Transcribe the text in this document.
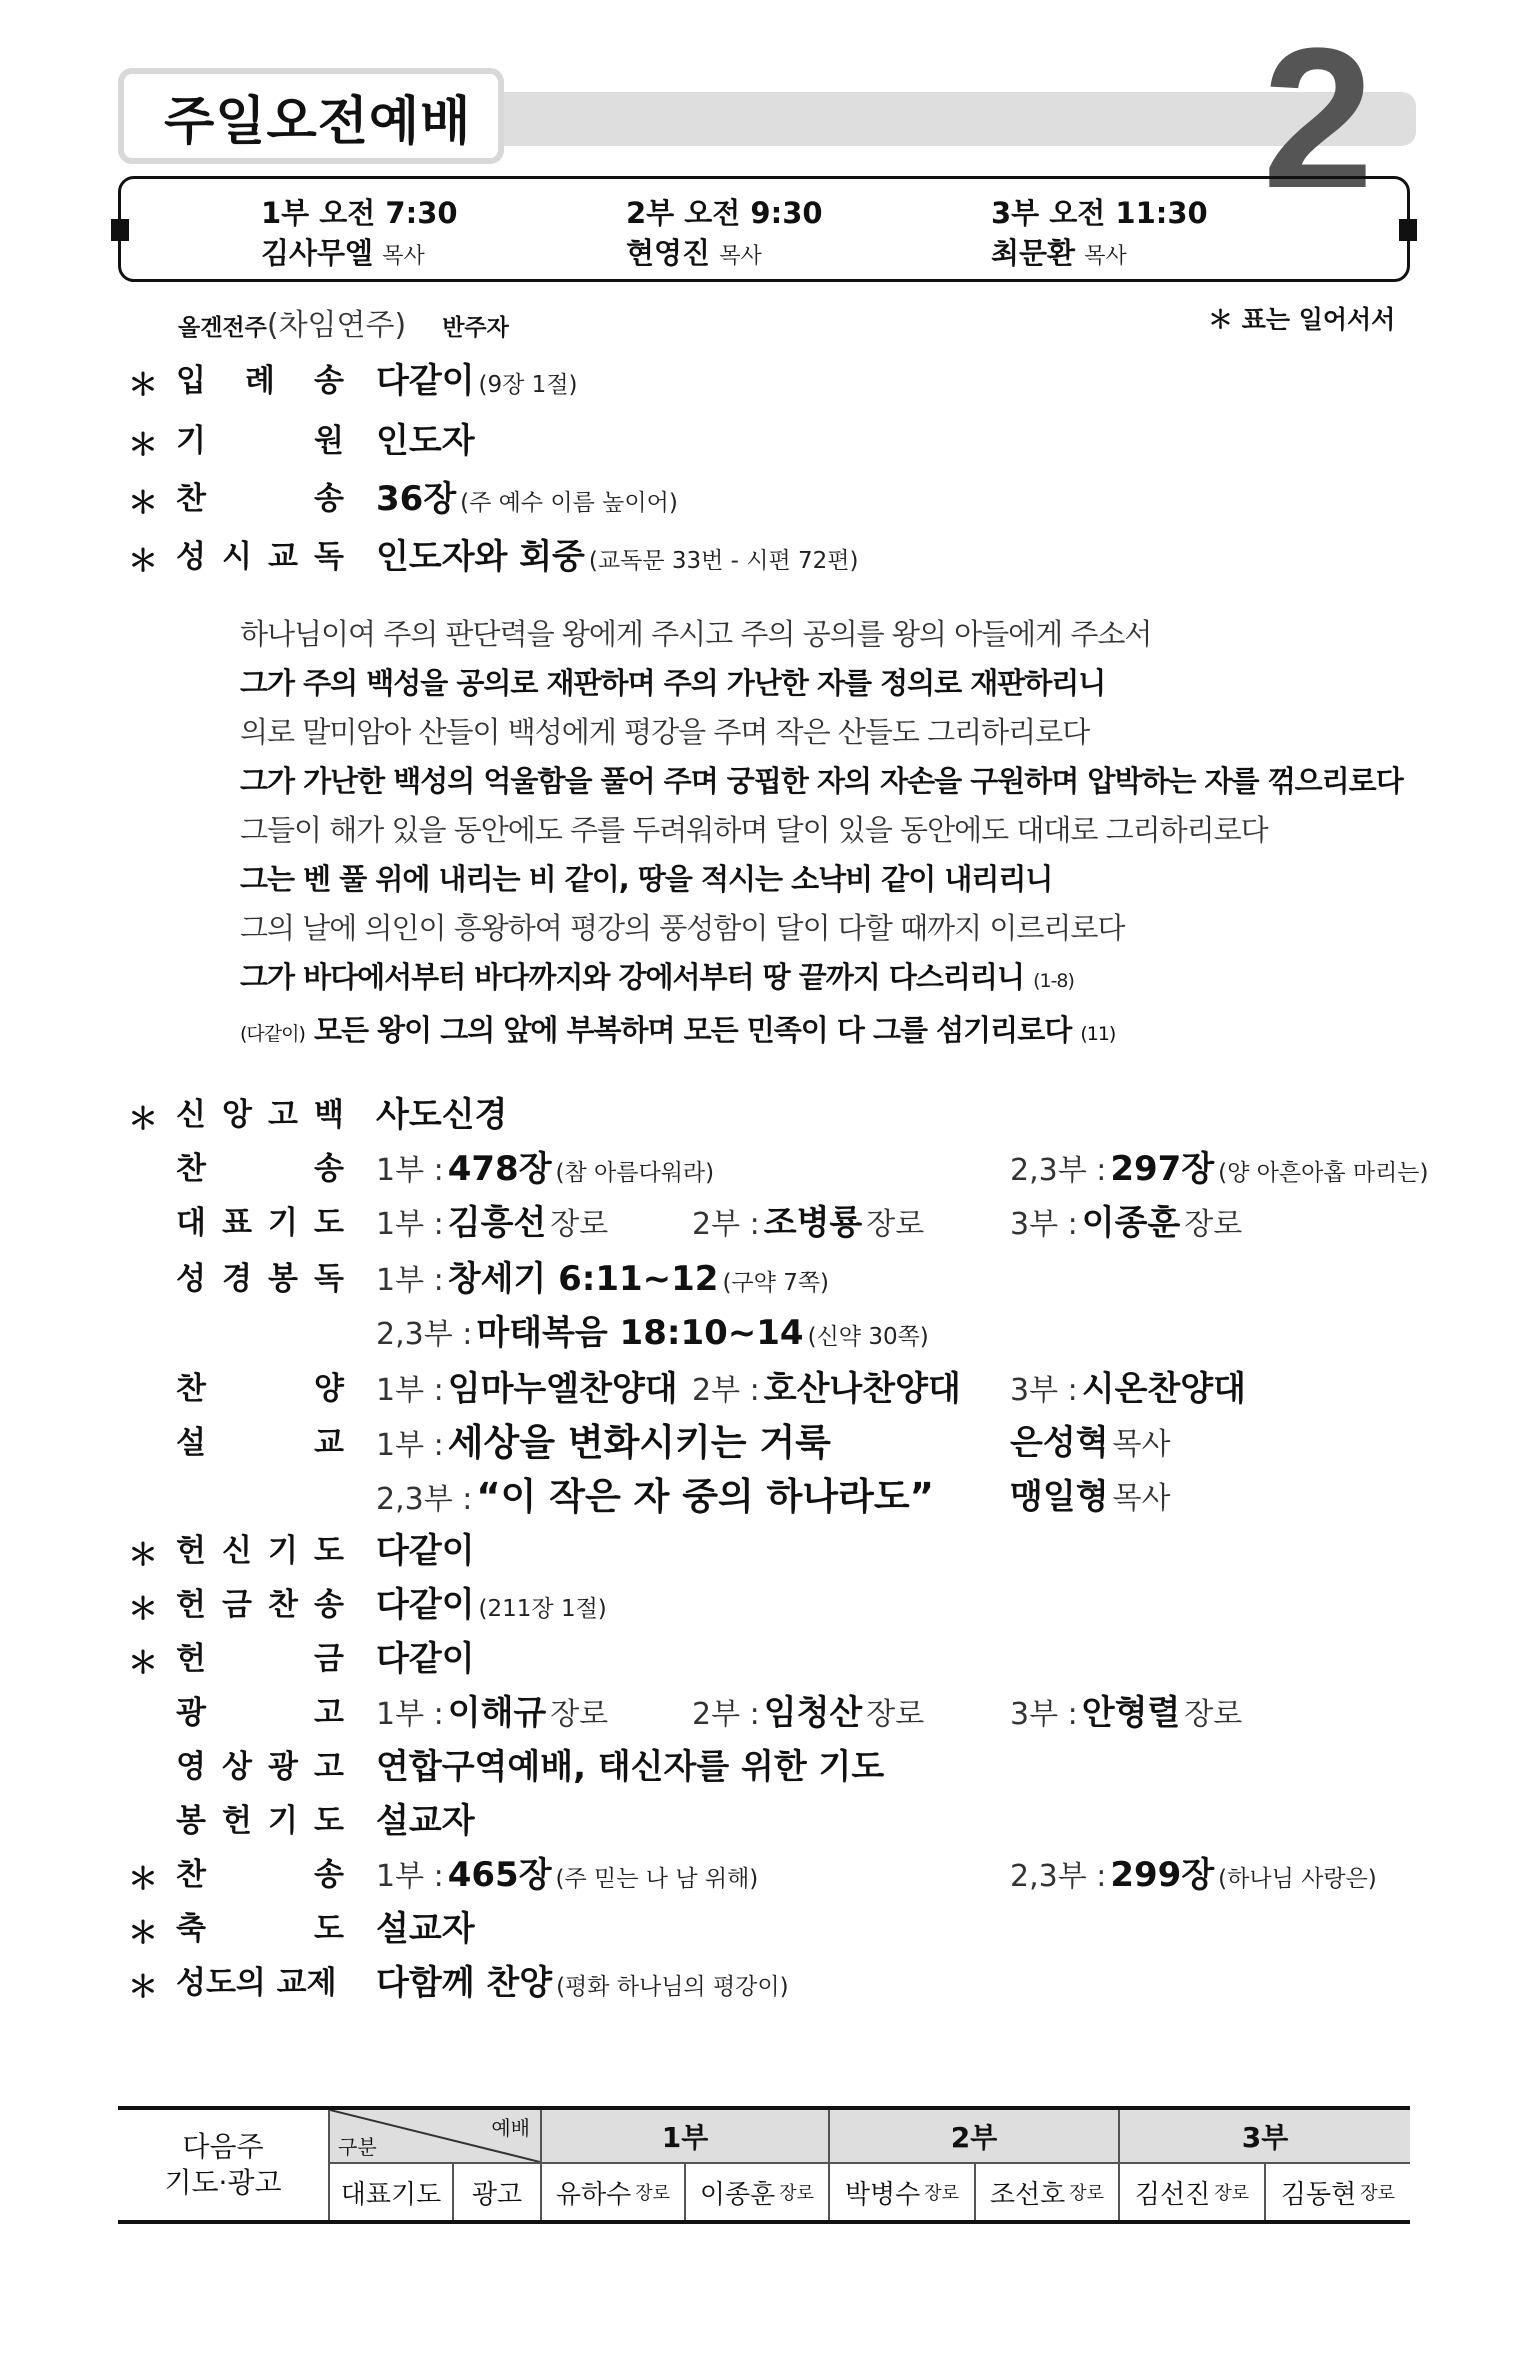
주일오전예배	2
1부 오전 7:30
김사무엘 목사
2부 오전 9:30
현영진 목사
3부 오전 11:30
최문환 목사
올겐전주(차임연주) 반주자	＊ 표는 일어서서
＊ 입 례 송 다같이 (9장 1절)
＊ 기	원 인도자
＊ 찬	송 36장 (주 예수 이름 높이어)
＊ 성 시 교 독 인도자와 회중 (교독문 33번 - 시편 72편)
하나님이여 주의 판단력을 왕에게 주시고 주의 공의를 왕의 아들에게 주소서
그가 주의 백성을 공의로 재판하며 주의 가난한 자를 정의로 재판하리니
의로 말미암아 산들이 백성에게 평강을 주며 작은 산들도 그리하리로다
그가 가난한 백성의 억울함을 풀어 주며 궁핍한 자의 자손을 구원하며 압박하는 자를 꺾으리로다
그들이 해가 있을 동안에도 주를 두려워하며 달이 있을 동안에도 대대로 그리하리로다
그는 벤 풀 위에 내리는 비 같이, 땅을 적시는 소낙비 같이 내리리니
그의 날에 의인이 흥왕하여 평강의 풍성함이 달이 다할 때까지 이르리로다
그가 바다에서부터 바다까지와 강에서부터 땅 끝까지 다스리리니 (1-8)
(다같이) 모든 왕이 그의 앞에 부복하며 모든 민족이 다 그를 섬기리로다 (11)
＊ 신 앙 고 백 사도신경
찬	송 1부 : 478장 (참 아름다워라)	2,3부 : 297장 (양 아흔아홉 마리는)
대 표 기 도 1부 : 김흥선 장로	2부 : 조병룡 장로	3부 : 이종훈 장로
성 경 봉 독 1부 : 창세기 6:11~12 (구약 7쪽)
2,3부 : 마태복음 18:10~14 (신약 30쪽)
찬	양 1부 : 임마누엘찬양대 2부 : 호산나찬양대 3부 : 시온찬양대
설	교 1부 : 세상을 변화시키는 거룩	은성혁 목사
2,3부 : “이 작은 자 중의 하나라도” 맹일형 목사
＊ 헌 신 기 도 다같이
＊ 헌 금 찬 송 다같이 (211장 1절)
＊ 헌	금 다같이
광	고 1부 : 이해규 장로	2부 : 임청산 장로	3부 : 안형렬 장로
영 상 광 고 연합구역예배, 태신자를 위한 기도
봉 헌 기 도 설교자
＊ 찬	송 1부 : 465장 (주 믿는 나 남 위해)	2,3부 : 299장 (하나님 사랑은)
＊ 축	도 설교자
＊ 성도의 교제 다함께 찬양 (평화 하나님의 평강이)
다음주
기도·광고
예배
구분	1부	2부	3부
대표기도	광고	유하수 장로 이종훈 장로 박병수 장로 조선호 장로 김선진 장로 김동현 장로
